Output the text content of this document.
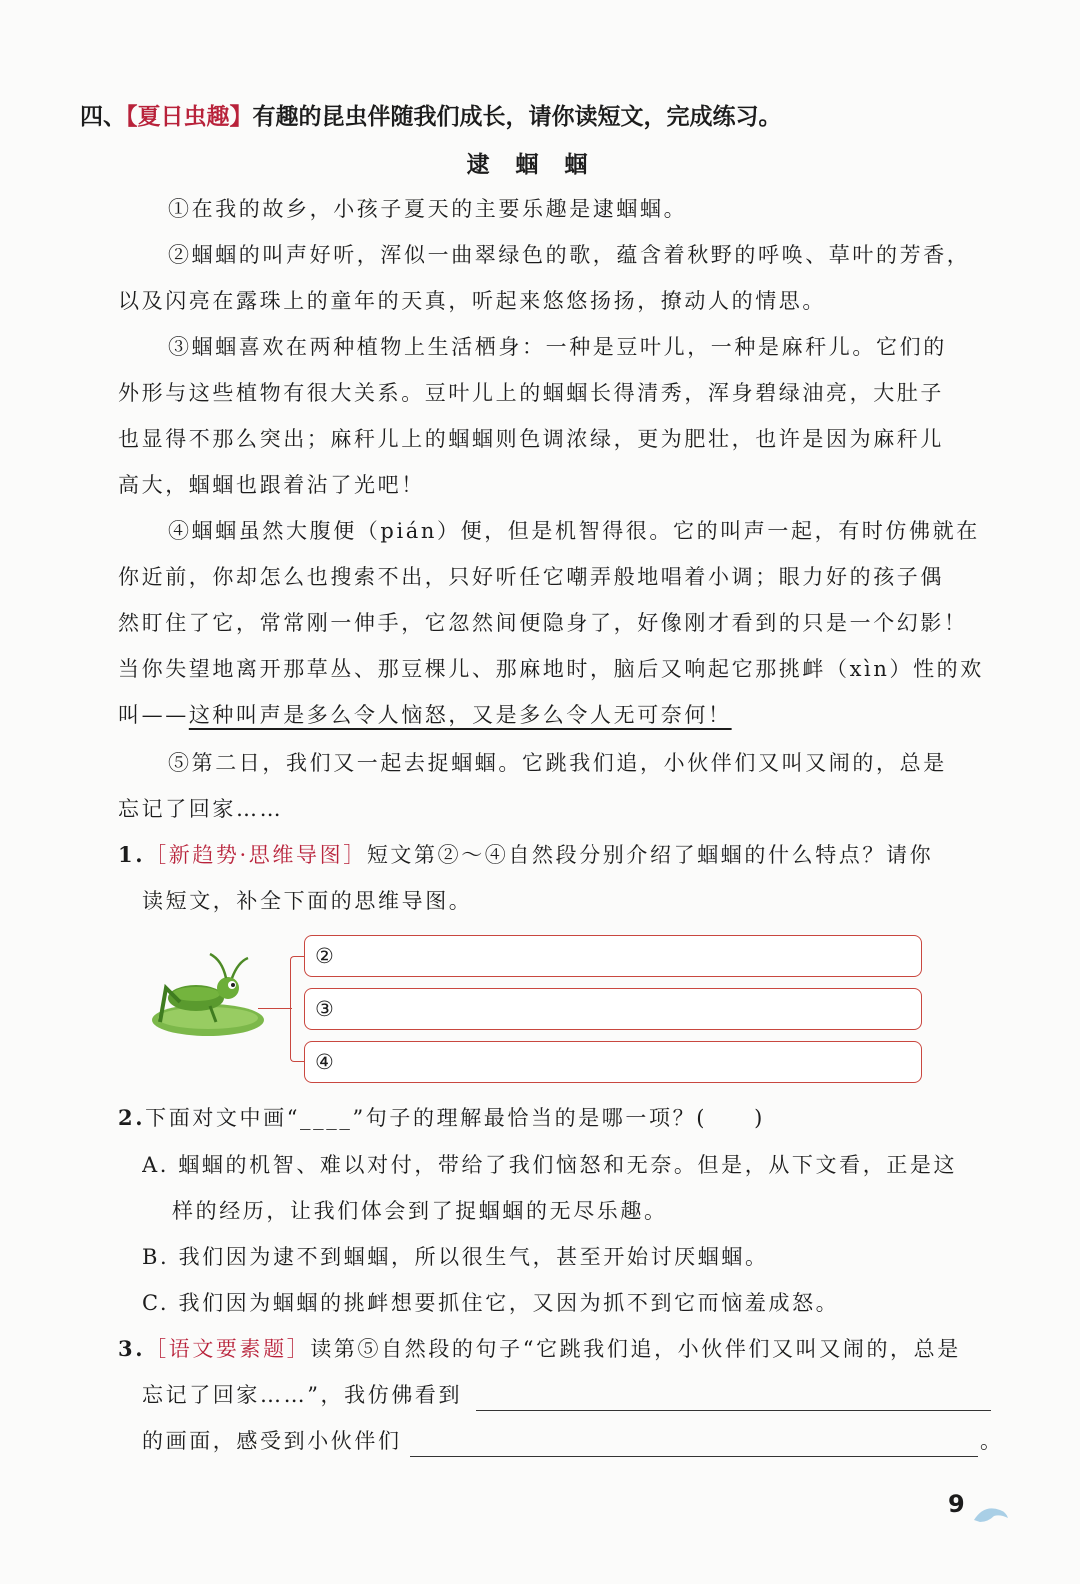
四、【夏日虫趣】有趣的昆虫伴随我们成长，请你读短文，完成练习。
逮蝈蝈
①在我的故乡，小孩子夏天的主要乐趣是逮蝈蝈。
②蝈蝈的叫声好听，浑似一曲翠绿色的歌，蕴含着秋野的呼唤、草叶的芳香，
以及闪亮在露珠上的童年的天真，听起来悠悠扬扬，撩动人的情思。
③蝈蝈喜欢在两种植物上生活栖身：一种是豆叶儿，一种是麻秆儿。它们的
外形与这些植物有很大关系。豆叶儿上的蝈蝈长得清秀，浑身碧绿油亮，大肚子
也显得不那么突出；麻秆儿上的蝈蝈则色调浓绿，更为肥壮，也许是因为麻秆儿
高大，蝈蝈也跟着沾了光吧！
④蝈蝈虽然大腹便（pián）便，但是机智得很。它的叫声一起，有时仿佛就在
你近前，你却怎么也搜索不出，只好听任它嘲弄般地唱着小调；眼力好的孩子偶
然盯住了它，常常刚一伸手，它忽然间便隐身了，好像刚才看到的只是一个幻影！
当你失望地离开那草丛、那豆棵儿、那麻地时，脑后又响起它那挑衅（xìn）性的欢
叫——这种叫声是多么令人恼怒，又是多么令人无可奈何！
⑤第二日，我们又一起去捉蝈蝈。它跳我们追，小伙伴们又叫又闹的，总是
忘记了回家……
1.［新趋势·思维导图］短文第②～④自然段分别介绍了蝈蝈的什么特点？请你
读短文，补全下面的思维导图。
②
③
④
2.下面对文中画“____”句子的理解最恰当的是哪一项？(　　)
A. 蝈蝈的机智、难以对付，带给了我们恼怒和无奈。但是，从下文看，正是这
样的经历，让我们体会到了捉蝈蝈的无尽乐趣。
B. 我们因为逮不到蝈蝈，所以很生气，甚至开始讨厌蝈蝈。
C. 我们因为蝈蝈的挑衅想要抓住它，又因为抓不到它而恼羞成怒。
3.［语文要素题］读第⑤自然段的句子“它跳我们追，小伙伴们又叫又闹的，总是
忘记了回家……”，我仿佛看到
的画面，感受到小伙伴们	。
9
